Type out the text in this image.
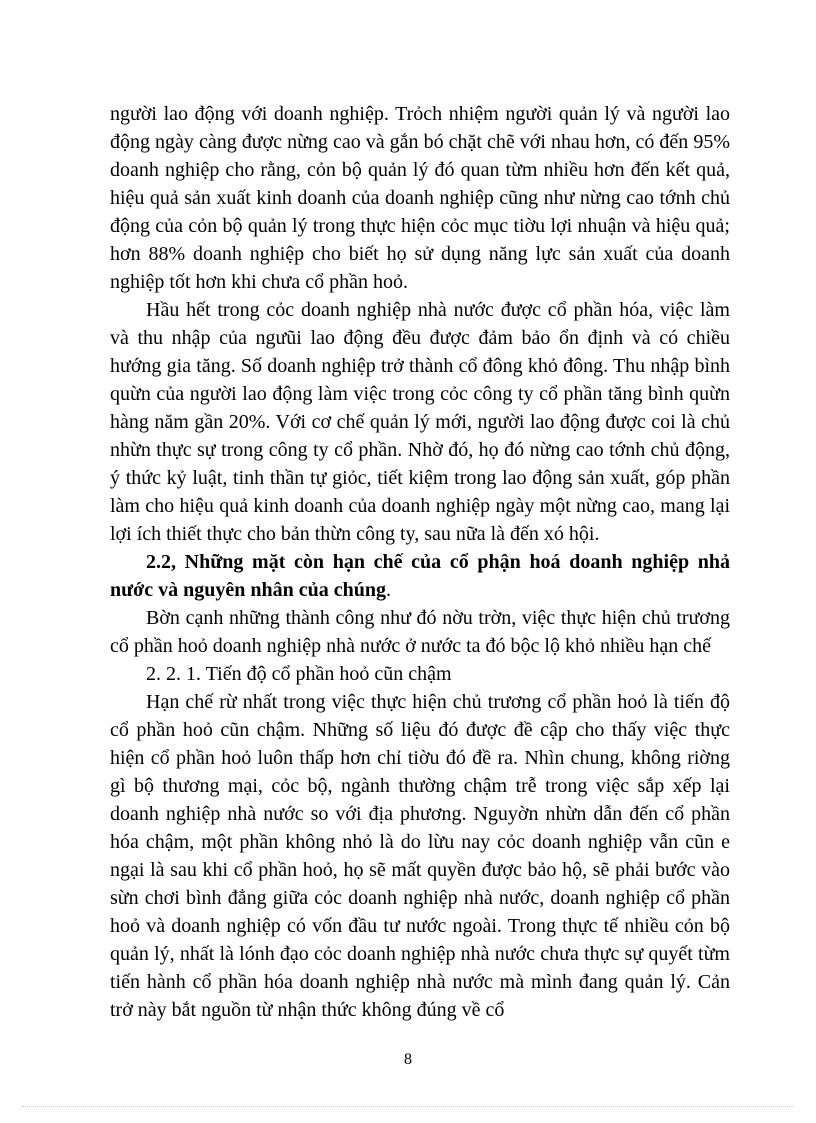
người lao động với doanh nghiệp. Trỏch nhiệm người quản lý và người lao động ngày càng được nừng cao và gắn bó chặt chẽ với nhau hơn, có đến 95% doanh nghiệp cho rằng, cỏn bộ quản lý đó quan từm nhiều hơn đến kết quả, hiệu quả sản xuất kinh doanh của doanh nghiệp cũng như nừng cao tớnh chủ động của cỏn bộ quản lý trong thực hiện cỏc mục tiờu lợi nhuận và hiệu quả; hơn 88% doanh nghiệp cho biết họ sử dụng năng lực sản xuất của doanh nghiệp tốt hơn khi chưa cổ phần hoỏ.

Hầu hết trong cỏc doanh nghiệp nhà nước được cổ phần hóa, việc làm và thu nhập của ngưũi lao động đều được đảm bảo ổn định và có chiều hướng gia tăng. Số doanh nghiệp trở thành cổ đông khỏ đông. Thu nhập bình quừn của người lao động làm việc trong cỏc công ty cổ phần tăng bình quừn hàng năm gần 20%. Với cơ chế quản lý mới, người lao động được coi là chủ nhừn thực sự trong công ty cổ phần. Nhờ đó, họ đó nừng cao tớnh chủ động, ý thức kỷ luật, tinh thần tự giỏc, tiết kiệm trong lao động sản xuất, góp phần làm cho hiệu quả kinh doanh của doanh nghiệp ngày một nừng cao, mang lại lợi ích thiết thực cho bản thừn công ty, sau nữa là đến xó hội.

2.2, Những mặt còn hạn chế của cổ phận hoá doanh nghiệp nhả nước và nguyên nhân của chúng.

Bờn cạnh những thành công như đó nờu trờn, việc thực hiện chủ trương cổ phần hoỏ doanh nghiệp nhà nước ở nước ta đó bộc lộ khỏ nhiều hạn chế

2. 2. 1. Tiến độ cổ phần hoỏ cũn chậm

Hạn chế rừ nhất trong việc thực hiện chủ trương cổ phần hoỏ là tiến độ cổ phần hoỏ cũn chậm. Những số liệu đó được đề cập cho thấy việc thực hiện cổ phần hoỏ luôn thấp hơn chỉ tiờu đó đề ra. Nhìn chung, không riờng gì bộ thương mại, cỏc bộ, ngành thường chậm trễ trong việc sắp xếp lại doanh nghiệp nhà nước so với địa phương. Nguyờn nhừn dẫn đến cổ phần hóa chậm, một phần không nhỏ là do lừu nay cỏc doanh nghiệp vẫn cũn e ngại là sau khi cổ phần hoỏ, họ sẽ mất quyền được bảo hộ, sẽ phải bước vào sừn chơi bình đẳng giữa cỏc doanh nghiệp nhà nước, doanh nghiệp cổ phần hoỏ và doanh nghiệp có vốn đầu tư nước ngoài. Trong thực tế nhiều cỏn bộ quản lý, nhất là lónh đạo cỏc doanh nghiệp nhà nước chưa thực sự quyết từm tiến hành cổ phần hóa doanh nghiệp nhà nước mà mình đang quản lý. Cản trở này bắt nguồn từ nhận thức không đúng về cổ

8
